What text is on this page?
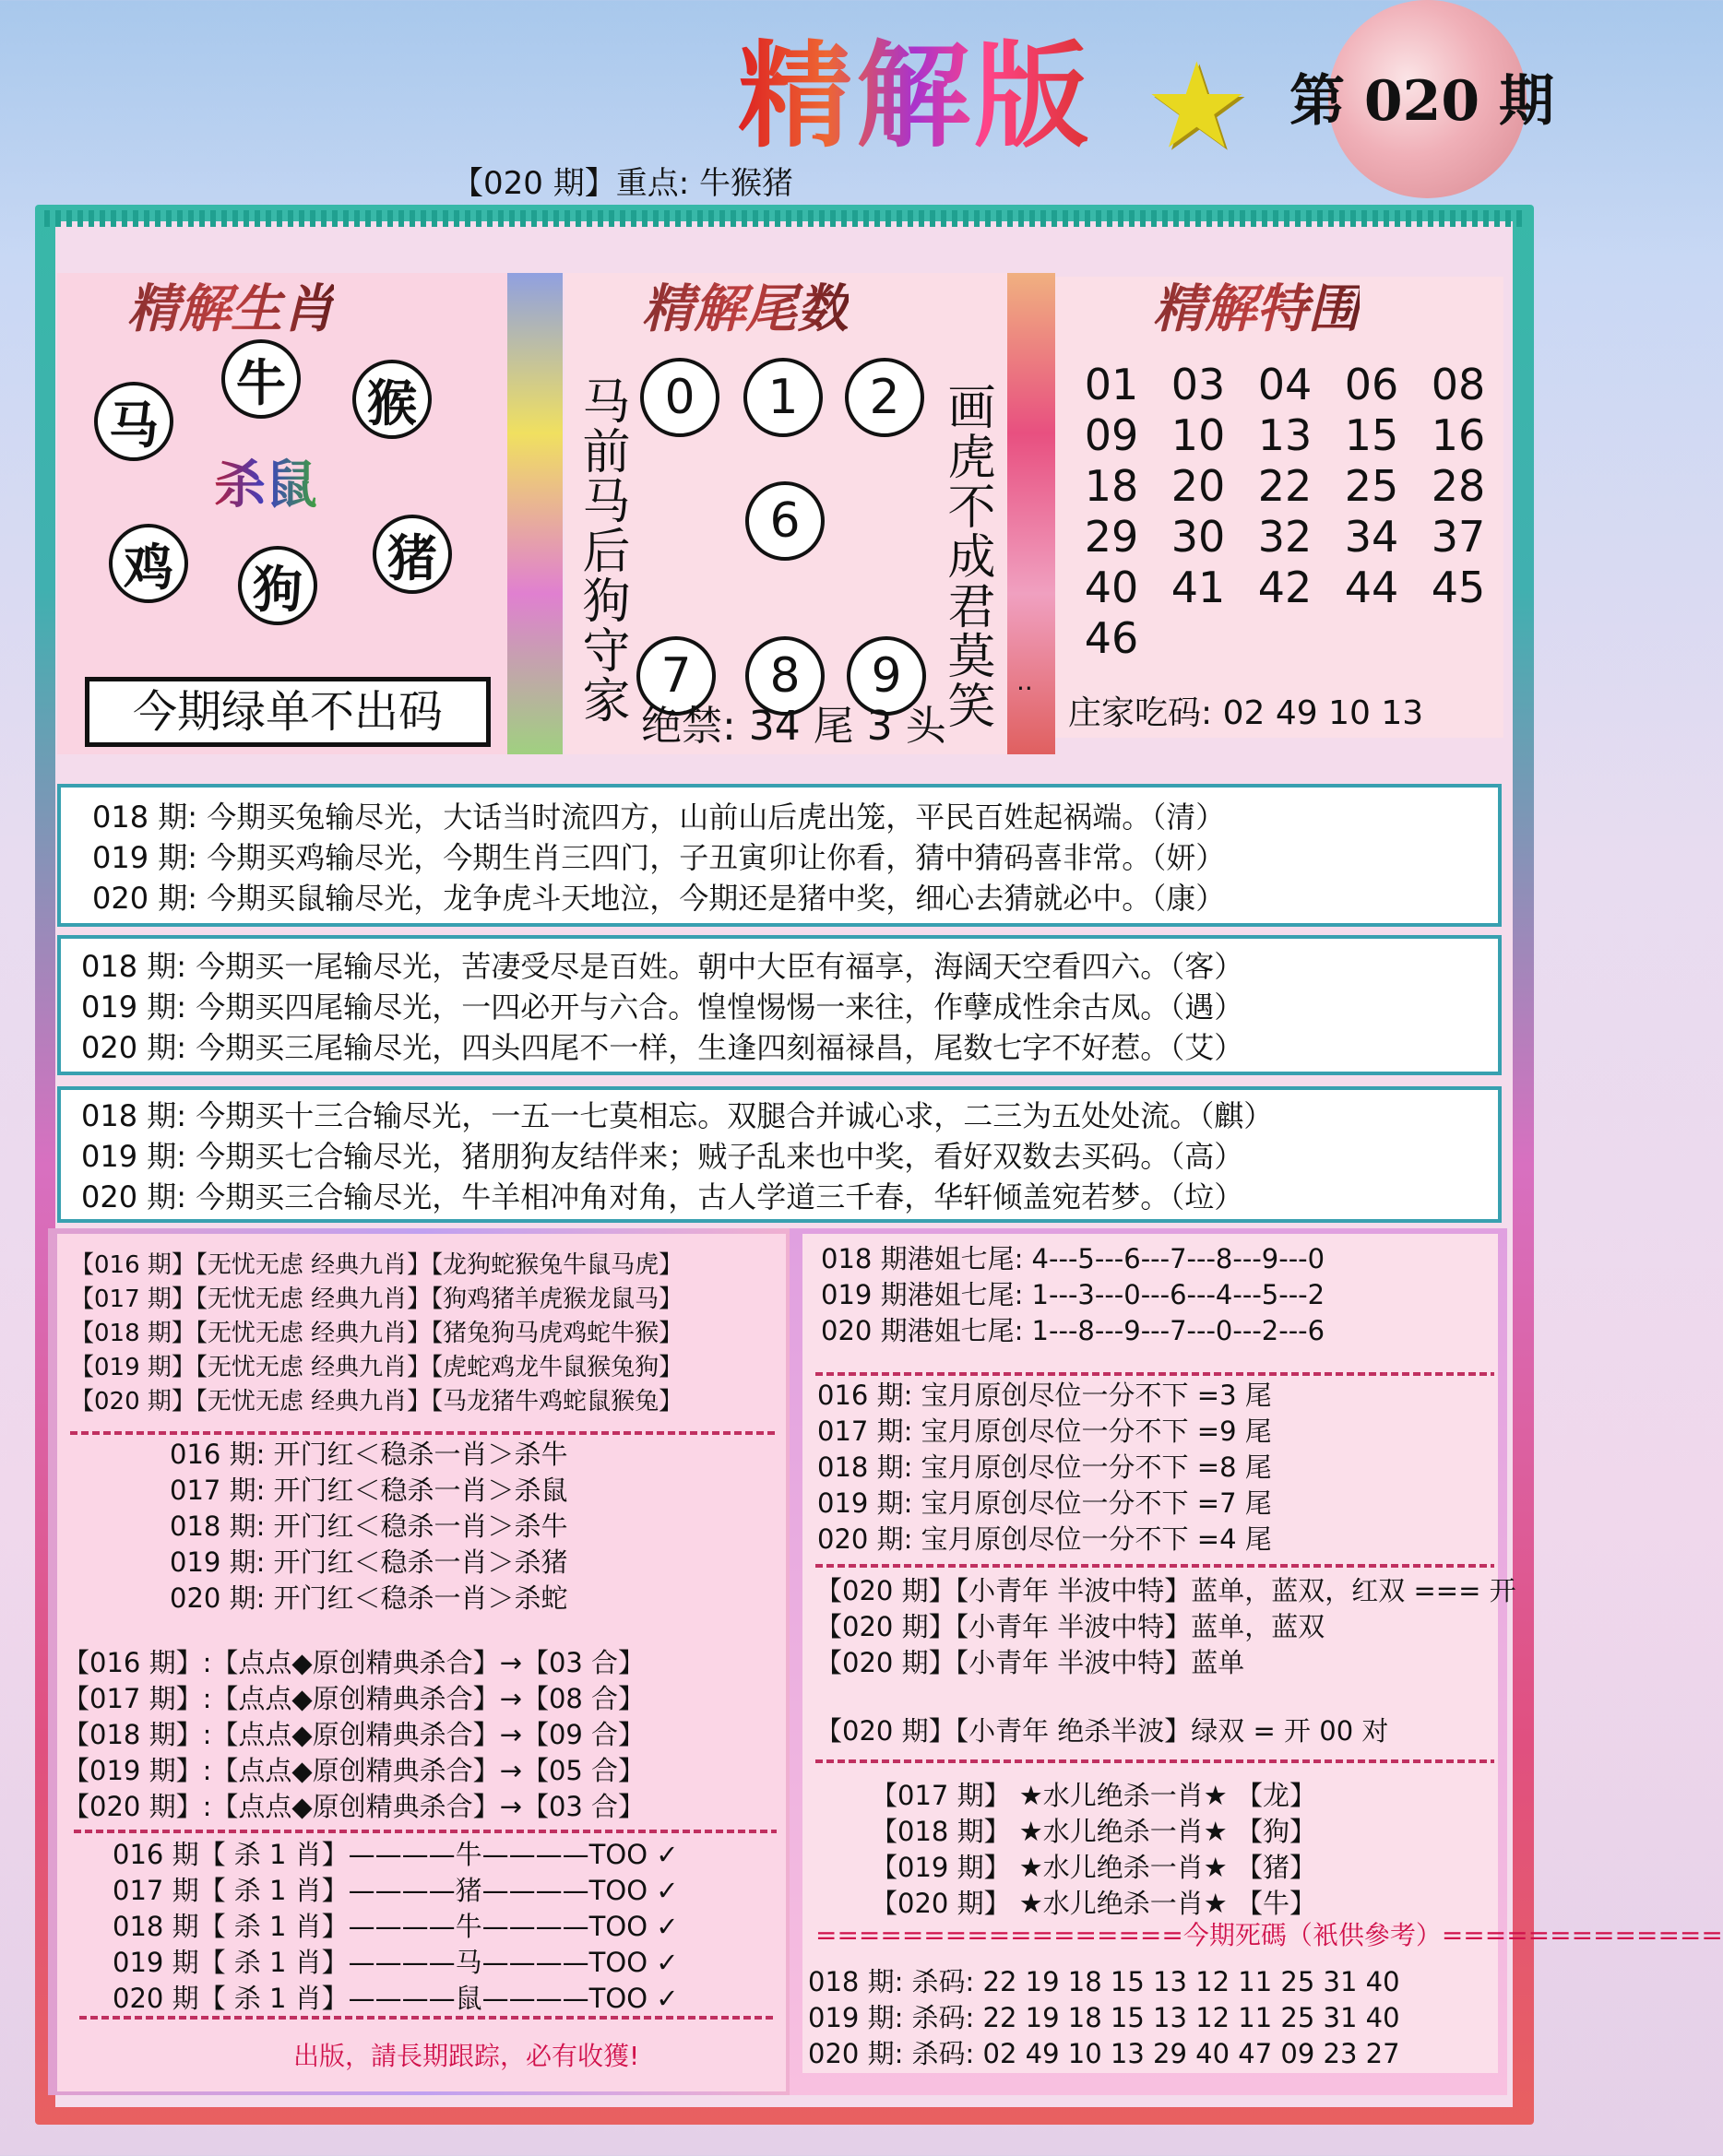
精解版 ★ 第 020 期
【020 期】重点: 牛猴猪
精解生肖
马
牛 猴
鸡 狗
猪
杀鼠
今期绿单不出码
精解尾数
0	1	2
6
7	8	9
马前马后狗守家	画虎不成君莫笑 ..
绝禁: 34 尾 3 头
精解特围
01 03 04 06 08
09 10 13 15 16
18 20 22 25 28
29 30 32 34 37
40 41 42 44 45
46
庄家吃码: 02 49 10 13
018 期: 今期买兔输尽光，大话当时流四方，山前山后虎出笼，平民百姓起祸端。（清）
019 期: 今期买鸡输尽光，今期生肖三四门，子丑寅卯让你看，猜中猜码喜非常。（妍）
020 期: 今期买鼠输尽光，龙争虎斗天地泣，今期还是猪中奖，细心去猜就必中。（康）
018 期: 今期买一尾输尽光，苦凄受尽是百姓。朝中大臣有福享，海阔天空看四六。（客）
019 期: 今期买四尾输尽光，一四必开与六合。惶惶惕惕一来往，作孽成性余古凤。（遇）
020 期: 今期买三尾输尽光，四头四尾不一样，生逢四刻福禄昌，尾数七字不好惹。（艾）
018 期: 今期买十三合输尽光，一五一七莫相忘。双腿合并诚心求，二三为五处处流。（麒）
019 期: 今期买七合输尽光，猪朋狗友结伴来；贼子乱来也中奖，看好双数去买码。（高）
020 期: 今期买三合输尽光，牛羊相冲角对角，古人学道三千春，华轩倾盖宛若梦。（垃）
【016 期】【无忧无虑 经典九肖】【龙狗蛇猴兔牛鼠马虎】
【017 期】【无忧无虑 经典九肖】【狗鸡猪羊虎猴龙鼠马】
【018 期】【无忧无虑 经典九肖】【猪兔狗马虎鸡蛇牛猴】
【019 期】【无忧无虑 经典九肖】【虎蛇鸡龙牛鼠猴兔狗】
【020 期】【无忧无虑 经典九肖】【马龙猪牛鸡蛇鼠猴兔】
016 期: 开门红＜稳杀一肖＞杀牛
017 期: 开门红＜稳杀一肖＞杀鼠
018 期: 开门红＜稳杀一肖＞杀牛
019 期: 开门红＜稳杀一肖＞杀猪
020 期: 开门红＜稳杀一肖＞杀蛇
【016 期】:【点点◆原创精典杀合】→【03 合】
【017 期】:【点点◆原创精典杀合】→【08 合】
【018 期】:【点点◆原创精典杀合】→【09 合】
【019 期】:【点点◆原创精典杀合】→【05 合】
【020 期】:【点点◆原创精典杀合】→【03 合】
016 期【 杀 1 肖】————牛————TOO ✓
017 期【 杀 1 肖】————猪————TOO ✓
018 期【 杀 1 肖】————牛————TOO ✓
019 期【 杀 1 肖】————马————TOO ✓
020 期【 杀 1 肖】————鼠————TOO ✓
出版，請長期跟踪，必有收獲!
018 期港姐七尾: 4---5---6---7---8---9---0
019 期港姐七尾: 1---3---0---6---4---5---2
020 期港姐七尾: 1---8---9---7---0---2---6
016 期: 宝月原创尽位一分不下 =3 尾
017 期: 宝月原创尽位一分不下 =9 尾
018 期: 宝月原创尽位一分不下 =8 尾
019 期: 宝月原创尽位一分不下 =7 尾
020 期: 宝月原创尽位一分不下 =4 尾
【020 期】【小青年 半波中特】蓝单，蓝双，红双 === 开
【020 期】【小青年 半波中特】蓝单，蓝双
【020 期】【小青年 半波中特】蓝单
【020 期】【小青年 绝杀半波】绿双 = 开 00 对
【017 期】 ★水儿绝杀一肖★ 【龙】
【018 期】 ★水儿绝杀一肖★ 【狗】
【019 期】 ★水儿绝杀一肖★ 【猪】
【020 期】 ★水儿绝杀一肖★ 【牛】
=================今期死碼（衹供參考）=============
018 期: 杀码: 22 19 18 15 13 12 11 25 31 40
019 期: 杀码: 22 19 18 15 13 12 11 25 31 40
020 期: 杀码: 02 49 10 13 29 40 47 09 23 27
